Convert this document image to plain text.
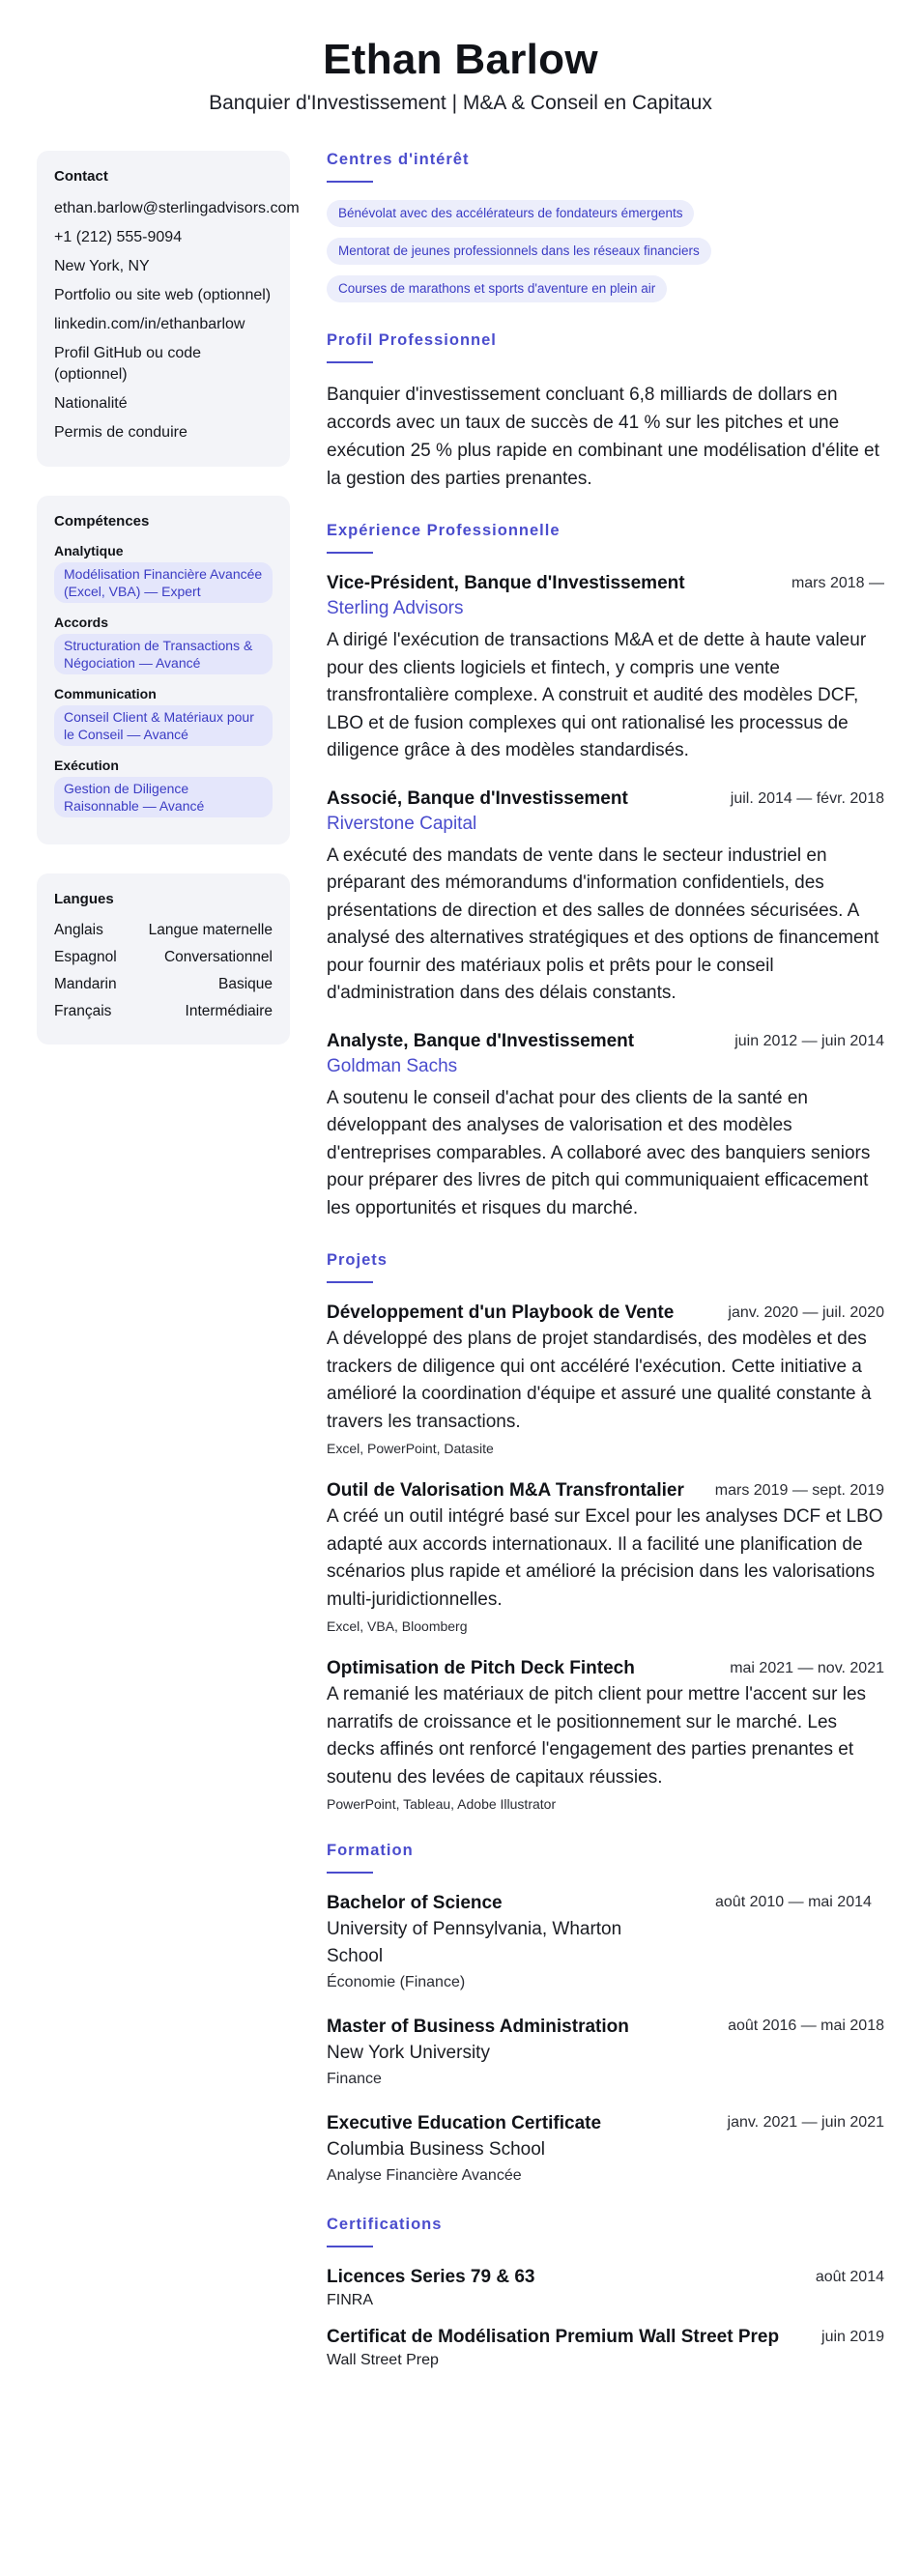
Ethan Barlow
Banquier d'Investissement | M&A & Conseil en Capitaux
Contact
ethan.barlow@sterlingadvisors.com
+1 (212) 555-9094
New York, NY
Portfolio ou site web (optionnel)
linkedin.com/in/ethanbarlow
Profil GitHub ou code (optionnel)
Nationalité
Permis de conduire
Compétences
Analytique
Modélisation Financière Avancée (Excel, VBA) — Expert
Accords
Structuration de Transactions & Négociation — Avancé
Communication
Conseil Client & Matériaux pour le Conseil — Avancé
Exécution
Gestion de Diligence Raisonnable — Avancé
Langues
Anglais	Langue maternelle
Espagnol	Conversationnel
Mandarin	Basique
Français	Intermédiaire
Centres d'intérêt
Bénévolat avec des accélérateurs de fondateurs émergents
Mentorat de jeunes professionnels dans les réseaux financiers
Courses de marathons et sports d'aventure en plein air
Profil Professionnel
Banquier d'investissement concluant 6,8 milliards de dollars en accords avec un taux de succès de 41 % sur les pitches et une exécution 25 % plus rapide en combinant une modélisation d'élite et la gestion des parties prenantes.
Expérience Professionnelle
Vice-Président, Banque d'Investissement	mars 2018 —
Sterling Advisors
A dirigé l'exécution de transactions M&A et de dette à haute valeur pour des clients logiciels et fintech, y compris une vente transfrontalière complexe. A construit et audité des modèles DCF, LBO et de fusion complexes qui ont rationalisé les processus de diligence grâce à des modèles standardisés.
Associé, Banque d'Investissement	juil. 2014 — févr. 2018
Riverstone Capital
A exécuté des mandats de vente dans le secteur industriel en préparant des mémorandums d'information confidentiels, des présentations de direction et des salles de données sécurisées. A analysé des alternatives stratégiques et des options de financement pour fournir des matériaux polis et prêts pour le conseil d'administration dans des délais constants.
Analyste, Banque d'Investissement	juin 2012 — juin 2014
Goldman Sachs
A soutenu le conseil d'achat pour des clients de la santé en développant des analyses de valorisation et des modèles d'entreprises comparables. A collaboré avec des banquiers seniors pour préparer des livres de pitch qui communiquaient efficacement les opportunités et risques du marché.
Projets
Développement d'un Playbook de Vente	janv. 2020 — juil. 2020
A développé des plans de projet standardisés, des modèles et des trackers de diligence qui ont accéléré l'exécution. Cette initiative a amélioré la coordination d'équipe et assuré une qualité constante à travers les transactions.
Excel, PowerPoint, Datasite
Outil de Valorisation M&A Transfrontalier mars 2019 — sept. 2019
A créé un outil intégré basé sur Excel pour les analyses DCF et LBO adapté aux accords internationaux. Il a facilité une planification de scénarios plus rapide et amélioré la précision dans les valorisations multi-juridictionnelles.
Excel, VBA, Bloomberg
Optimisation de Pitch Deck Fintech	mai 2021 — nov. 2021
A remanié les matériaux de pitch client pour mettre l'accent sur les narratifs de croissance et le positionnement sur le marché. Les decks affinés ont renforcé l'engagement des parties prenantes et soutenu des levées de capitaux réussies.
PowerPoint, Tableau, Adobe Illustrator
Formation
Bachelor of Science
University of Pennsylvania, Wharton School
Économie (Finance)
août 2010 — mai 2014
Master of Business Administration
New York University
Finance
août 2016 — mai 2018
Executive Education Certificate
Columbia Business School
Analyse Financière Avancée
janv. 2021 — juin 2021
Certifications
Licences Series 79 & 63	août 2014
FINRA
Certificat de Modélisation Premium Wall Street Prep	juin 2019
Wall Street Prep
